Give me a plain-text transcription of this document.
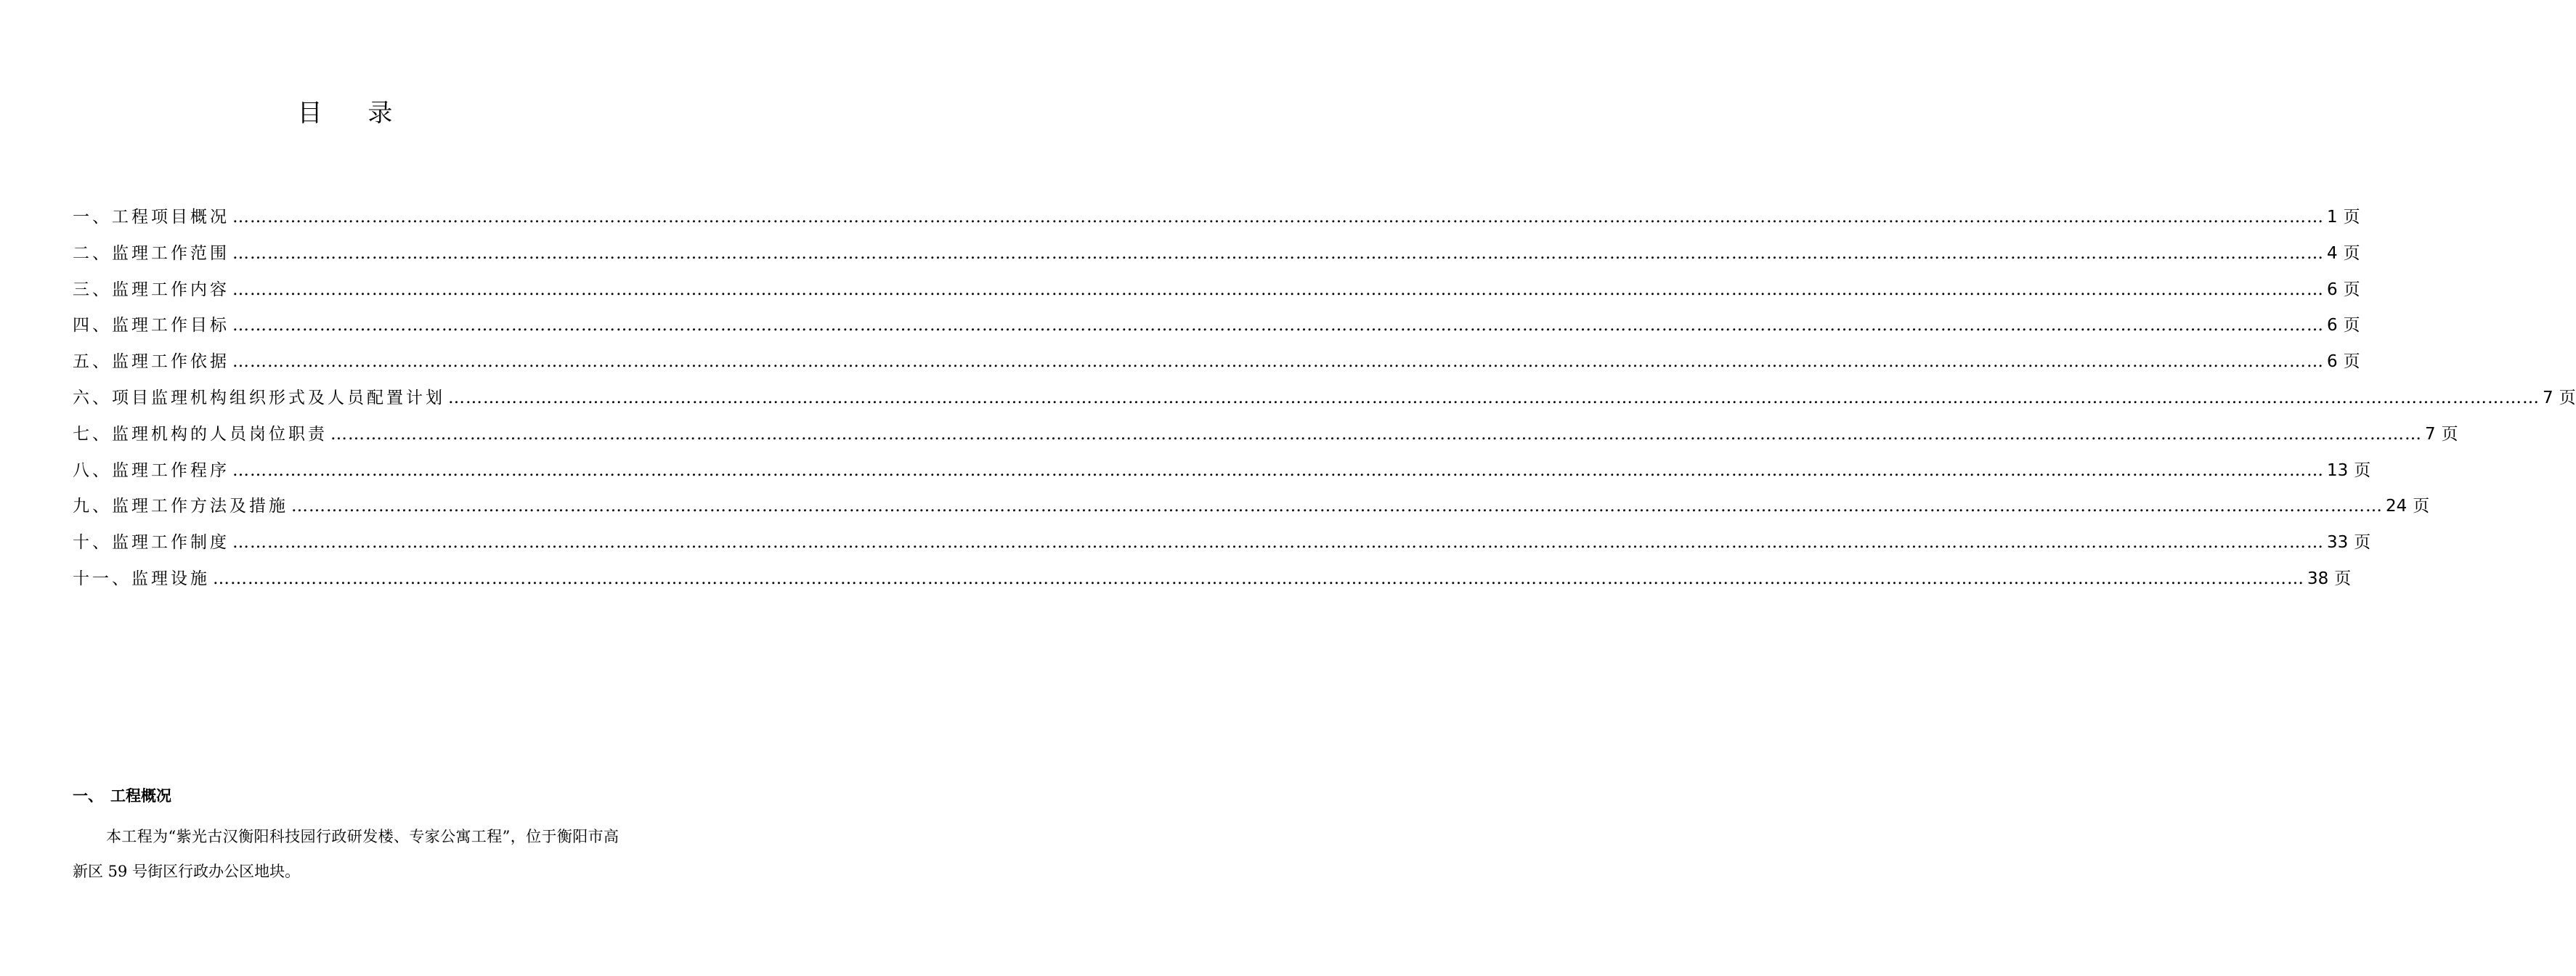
目 录
一、 工程项目概况 ……………………………………………………………………………………………………………………………………………………………………………………………………………………………………………………………………………………………………………………………… 1 页
二、 监理工作范围 ……………………………………………………………………………………………………………………………………………………………………………………………………………………………………………………………………………………………………………………………… 4 页
三、 监理工作内容 ……………………………………………………………………………………………………………………………………………………………………………………………………………………………………………………………………………………………………………………………… 6 页
四、 监理工作目标 ……………………………………………………………………………………………………………………………………………………………………………………………………………………………………………………………………………………………………………………………… 6 页
五、 监理工作依据 ……………………………………………………………………………………………………………………………………………………………………………………………………………………………………………………………………………………………………………………………… 6 页
六、 项目监理机构组织形式及人员配置计划 ……………………………………………………………………………………………………………………………………………………………………………………………………………………………………………………………………………………………………………………………… 7 页
七、 监理机构的人员岗位职责 ……………………………………………………………………………………………………………………………………………………………………………………………………………………………………………………………………………………………………………………………… 7 页
八、 监理工作程序 ……………………………………………………………………………………………………………………………………………………………………………………………………………………………………………………………………………………………………………………………… 13 页
九、 监理工作方法及措施 ……………………………………………………………………………………………………………………………………………………………………………………………………………………………………………………………………………………………………………………………… 24 页
十、 监理工作制度 ……………………………………………………………………………………………………………………………………………………………………………………………………………………………………………………………………………………………………………………………… 33 页
十一、 监理设施 ……………………………………………………………………………………………………………………………………………………………………………………………………………………………………………………………………………………………………………………………… 38 页
一、 工程概况
本工程为“紫光古汉衡阳科技园行政研发楼、专家公寓工程”，位于衡阳市高新区 59 号街区行政办公区地块。
